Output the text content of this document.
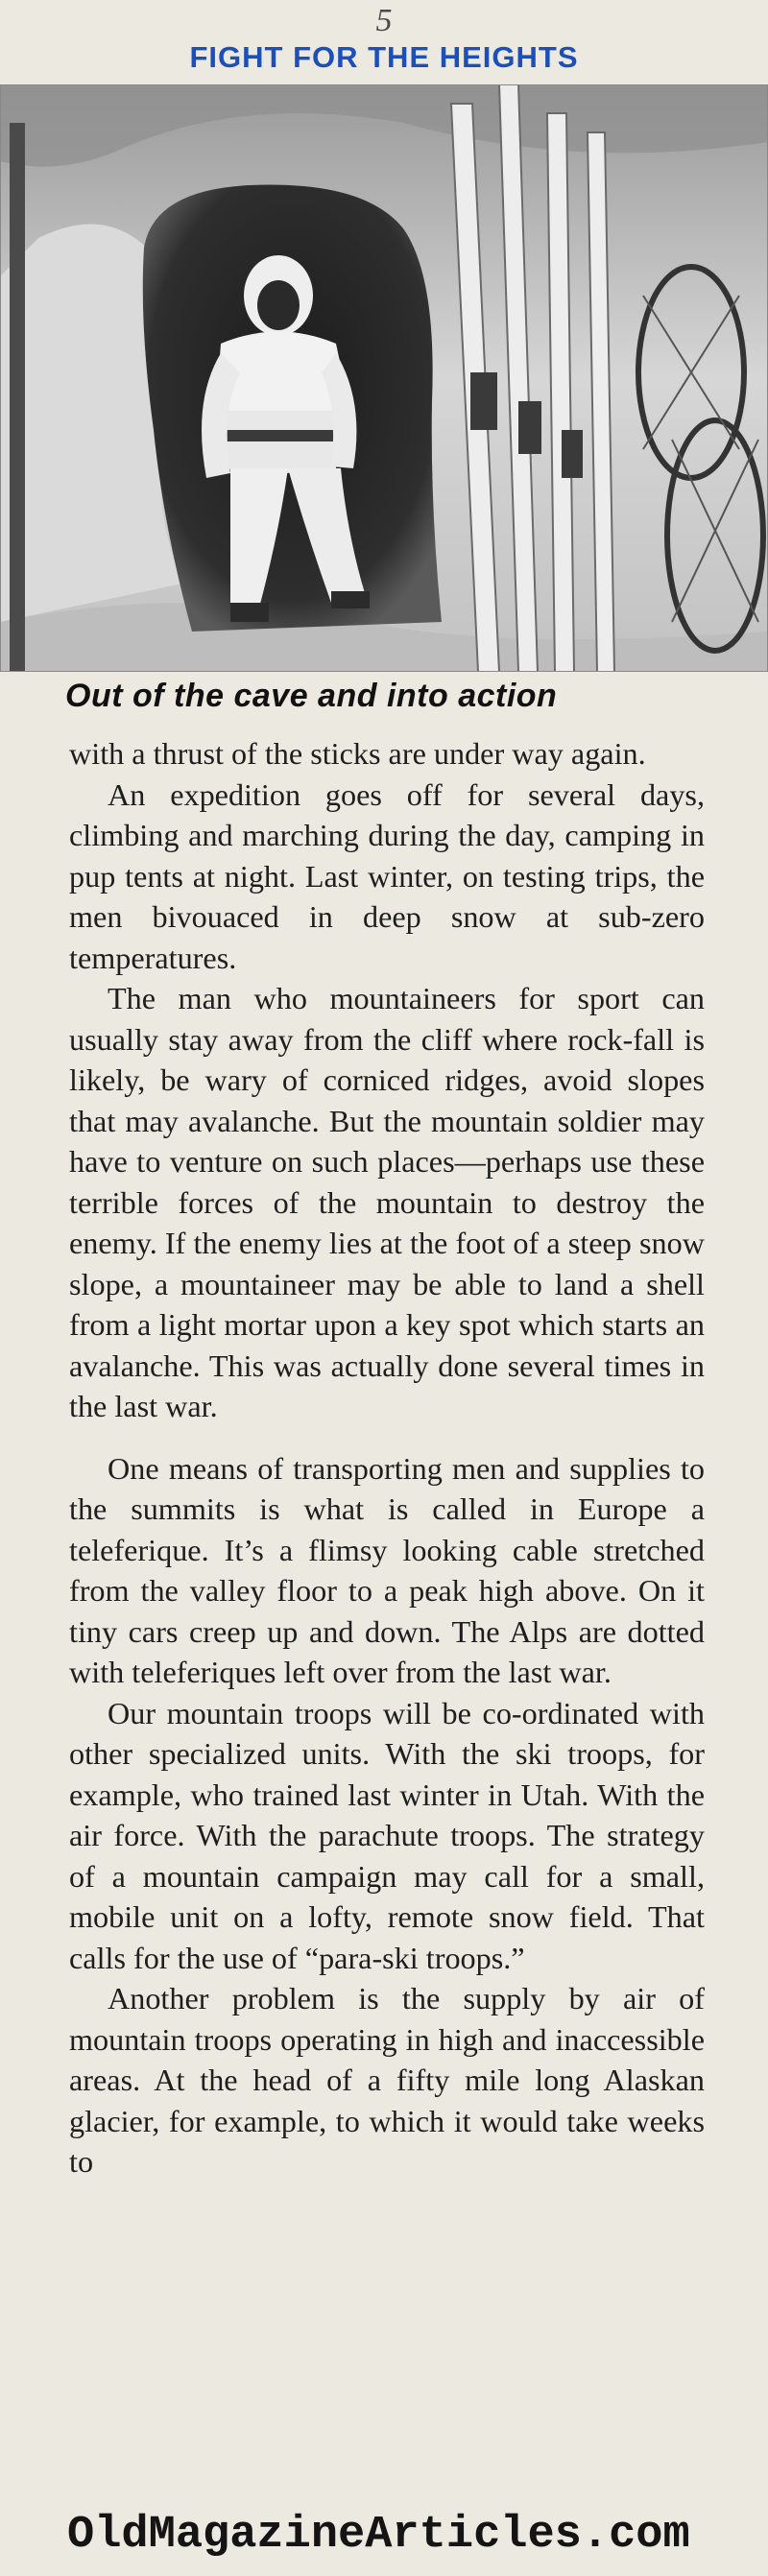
5
FIGHT FOR THE HEIGHTS
Out of the cave and into action

with a thrust of the sticks are under way again.

An expedition goes off for several days, climbing and marching during the day, camping in pup tents at night. Last winter, on testing trips, the men bivouaced in deep snow at sub-zero temperatures.

The man who mountaineers for sport can usually stay away from the cliff where rock-fall is likely, be wary of corniced ridges, avoid slopes that may avalanche. But the mountain soldier may have to venture on such places—perhaps use these terrible forces of the mountain to destroy the enemy. If the enemy lies at the foot of a steep snow slope, a mountaineer may be able to land a shell from a light mortar upon a key spot which starts an avalanche. This was actually done several times in the last war.

One means of transporting men and supplies to the summits is what is called in Europe a teleferique. It’s a flimsy looking cable stretched from the valley floor to a peak high above. On it tiny cars creep up and down. The Alps are dotted with teleferiques left over from the last war.

Our mountain troops will be co-ordinated with other specialized units. With the ski troops, for example, who trained last winter in Utah. With the air force. With the parachute troops. The strategy of a mountain campaign may call for a small, mobile unit on a lofty, remote snow field. That calls for the use of “para-ski troops.”

Another problem is the supply by air of mountain troops operating in high and inaccessible areas. At the head of a fifty mile long Alaskan glacier, for example, to which it would take weeks to

OldMagazineArticles.com
